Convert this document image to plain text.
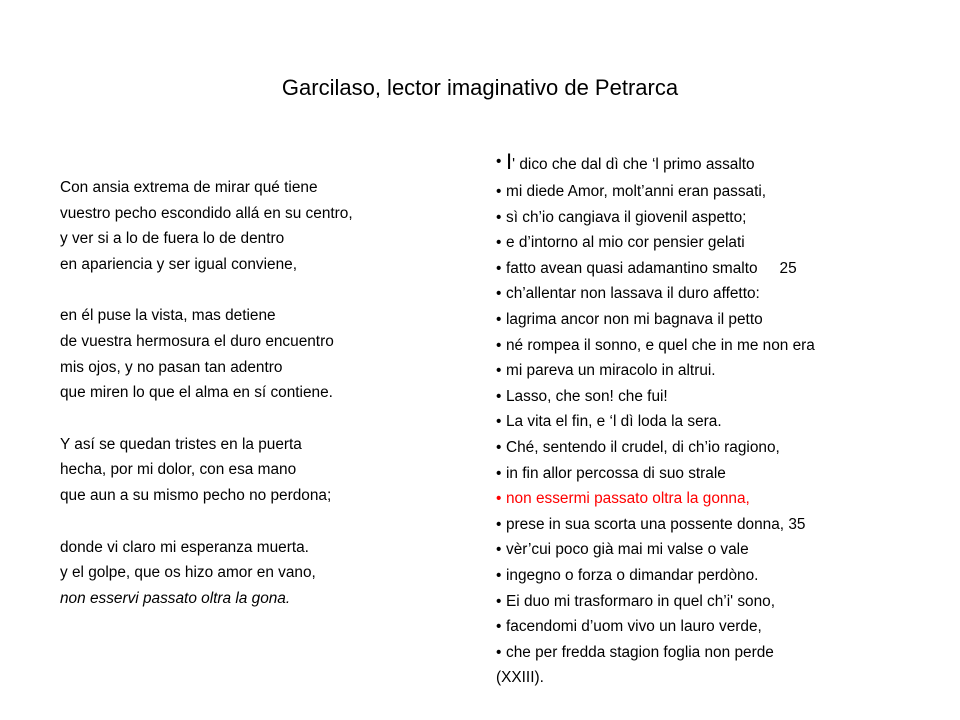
Garcilaso, lector imaginativo de Petrarca
Con ansia extrema de mirar qué tiene
vuestro pecho escondido allá en su centro,
y ver si a lo de fuera lo de dentro
en apariencia y ser igual conviene,
en él puse la vista, mas detiene
de vuestra hermosura el duro encuentro
mis ojos, y no pasan tan adentro
que miren lo que el alma en sí contiene.
Y así se quedan tristes en la puerta
hecha, por mi dolor, con esa mano
que aun a su mismo pecho no perdona;
donde vi claro mi esperanza muerta.
y el golpe, que os hizo amor en vano,
non esservi passato oltra la gona.
• I' dico che dal dì che ‘l primo assalto
• mi diede Amor, molt’anni eran passati,
• sì ch’io cangiava il giovenil aspetto;
• e d’intorno al mio cor pensier gelati
• fatto avean quasi adamantino smalto 25
• ch’allentar non lassava il duro affetto:
• lagrima ancor non mi bagnava il petto
• né rompea il sonno, e quel che in me non era
• mi pareva un miracolo in altrui.
• Lasso, che son! che fui!
• La vita el fin, e ‘l dì loda la sera.
• Ché, sentendo il crudel, di ch’io ragiono,
• in fin allor percossa di suo strale
• non essermi passato oltra la gonna,
• prese in sua scorta una possente donna, 35
• vèr’cui poco già mai mi valse o vale
• ingegno o forza o dimandar perdòno.
• Ei duo mi trasformaro in quel ch’i' sono,
• facendomi d’uom vivo un lauro verde,
• che per fredda stagion foglia non perde
(XXIII).
